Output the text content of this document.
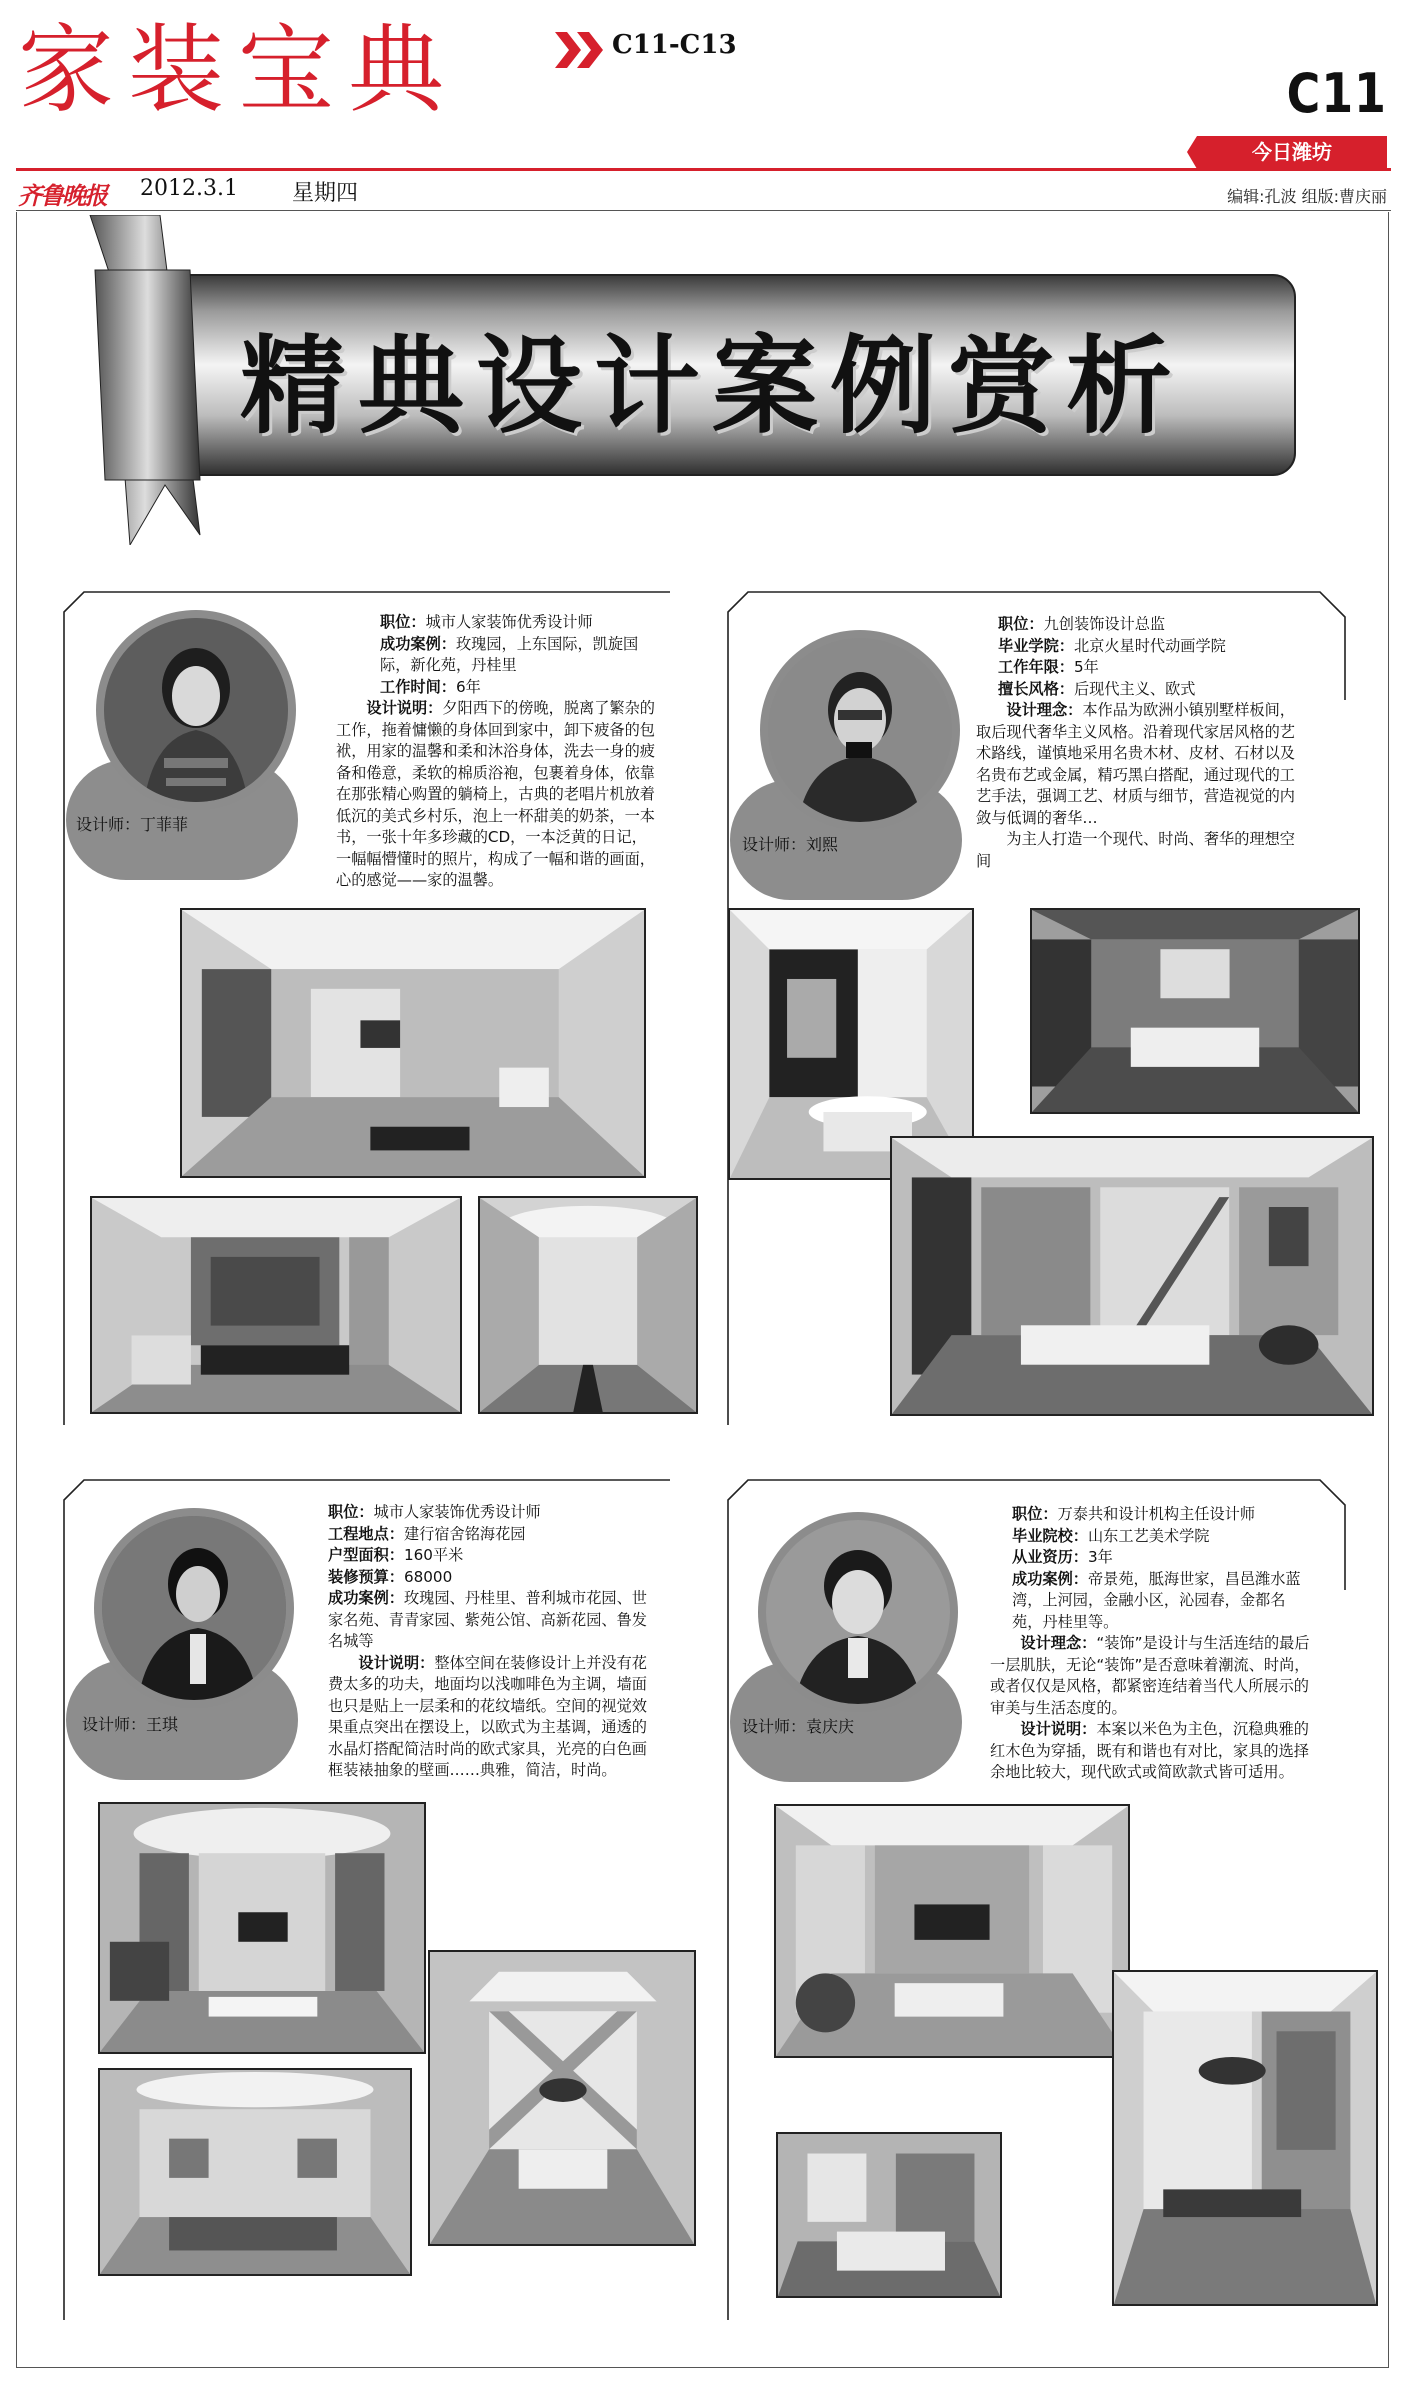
家装宝典	C11-C13
C11
今日潍坊
齐鲁晚报 2012.3.1 星期四	编辑:孔波 组版:曹庆丽
精典设计案例赏析
设计师：丁菲菲
职位：城市人家装饰优秀设计师
成功案例：玫瑰园，上东国际，凯旋国际，新化苑，丹桂里
工作时间：6年

设计说明：夕阳西下的傍晚，脱离了繁杂的工作，拖着慵懒的身体回到家中，卸下疲备的包袱，用家的温馨和柔和沐浴身体，洗去一身的疲备和倦意，柔软的棉质浴袍，包裹着身体，依靠在那张精心购置的躺椅上，古典的老唱片机放着低沉的美式乡村乐，泡上一杯甜美的奶茶，一本书，一张十年多珍藏的CD，一本泛黄的日记，一幅幅懵懂时的照片，构成了一幅和谐的画面，心的感觉——家的温馨。

设计师：刘熙
职位：九创装饰设计总监
毕业学院：北京火星时代动画学院
工作年限：5年
擅长风格：后现代主义、欧式

设计理念：本作品为欧洲小镇别墅样板间，取后现代奢华主义风格。沿着现代家居风格的艺术路线，谨慎地采用名贵木材、皮材、石材以及名贵布艺或金属，精巧黑白搭配，通过现代的工艺手法，强调工艺、材质与细节，营造视觉的内敛与低调的奢华…

为主人打造一个现代、时尚、奢华的理想空间

设计师：王琪
职位：城市人家装饰优秀设计师
工程地点：建行宿舍铭海花园
户型面积：160平米
装修预算：68000
成功案例：玫瑰园、丹桂里、普利城市花园、世家名苑、青青家园、紫苑公馆、高新花园、鲁发名城等

设计说明：整体空间在装修设计上并没有花费太多的功夫，地面均以浅咖啡色为主调，墙面也只是贴上一层柔和的花纹墙纸。空间的视觉效果重点突出在摆设上，以欧式为主基调，通透的水晶灯搭配简洁时尚的欧式家具，光亮的白色画框装裱抽象的壁画……典雅，简洁，时尚。

设计师：袁庆庆
职位：万泰共和设计机构主任设计师
毕业院校：山东工艺美术学院
从业资历：3年
成功案例：帝景苑，胝海世家，昌邑潍水蓝湾，上河园，金融小区，沁园春，金都名苑，丹桂里等。

设计理念：“装饰”是设计与生活连结的最后一层肌肤，无论“装饰”是否意味着潮流、时尚，或者仅仅是风格，都紧密连结着当代人所展示的审美与生活态度的。

设计说明：本案以米色为主色，沉稳典雅的红木色为穿插，既有和谐也有对比，家具的选择余地比较大，现代欧式或简欧款式皆可适用。
